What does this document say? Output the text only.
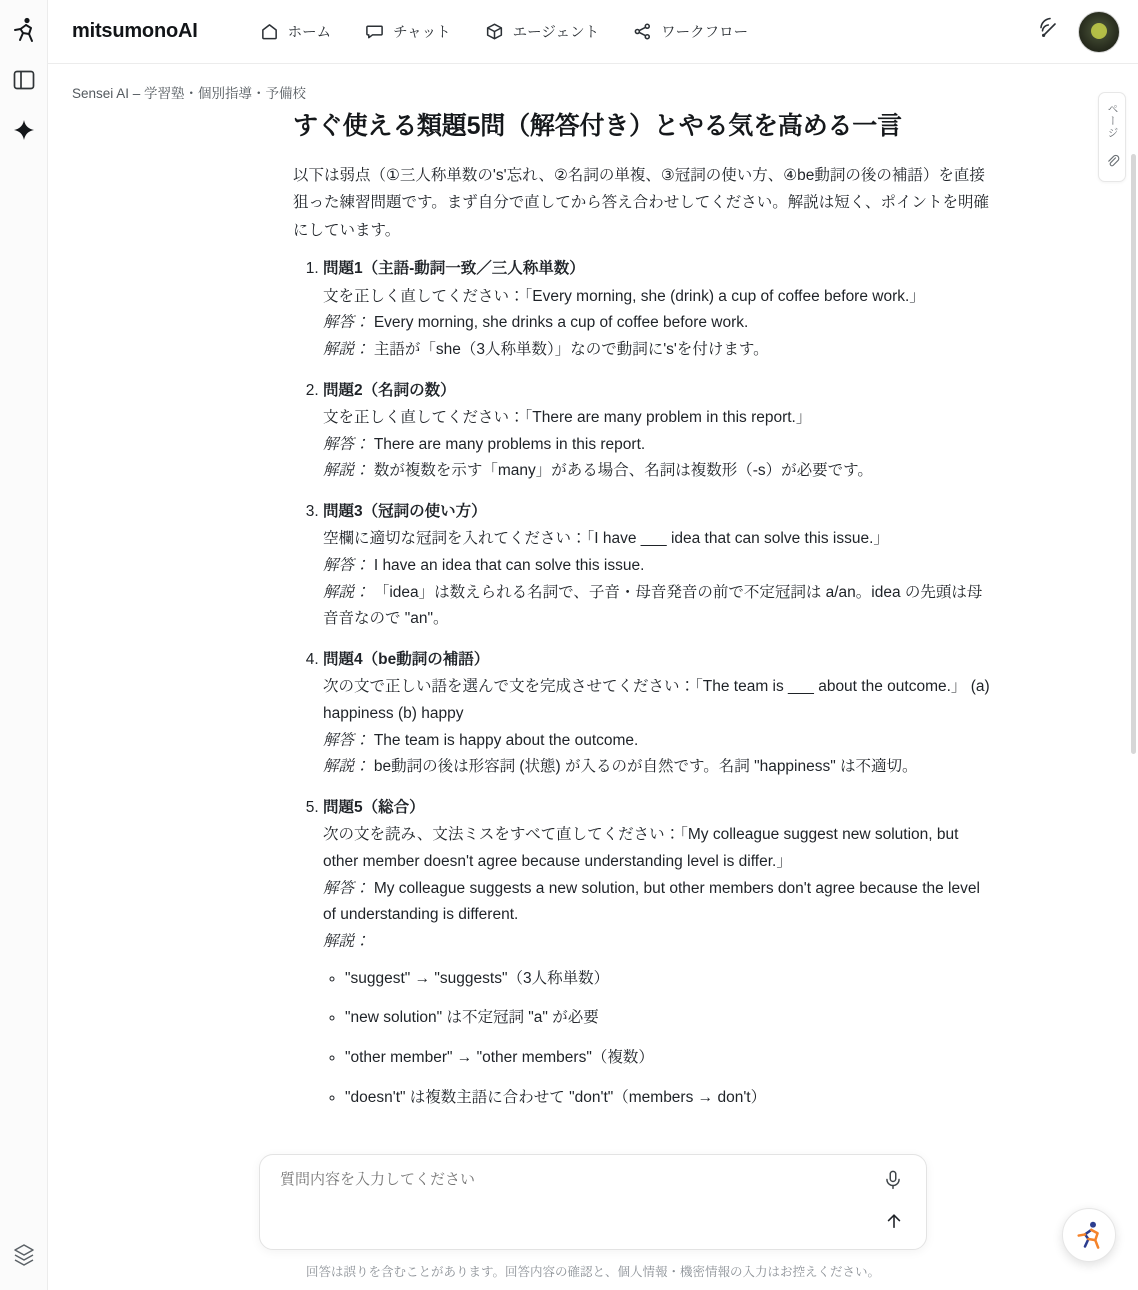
mitsumonoAI	ホーム	チャット	エージェント	ワークフロー
Sensei AI – 学習塾・個別指導・予備校
ページ
すぐ使える類題5問（解答付き）とやる気を高める一言

以下は弱点（①三人称単数の's'忘れ、②名詞の単複、③冠詞の使い方、④be動詞の後の補語）を直接狙った練習問題です。まず自分で直してから答え合わせしてください。解説は短く、ポイントを明確にしています。

1. 問題1（主語-動詞一致／三人称単数）
文を正しく直してください：「Every morning, she (drink) a cup of coffee before work.」
解答： Every morning, she drinks a cup of coffee before work.
解説： 主語が「she（3人称単数）」なので動詞に's'を付けます。
2. 問題2（名詞の数）
文を正しく直してください：「There are many problem in this report.」
解答： There are many problems in this report.
解説： 数が複数を示す「many」がある場合、名詞は複数形（-s）が必要です。
3. 問題3（冠詞の使い方）
空欄に適切な冠詞を入れてください：「I have ___ idea that can solve this issue.」
解答： I have an idea that can solve this issue.
解説： 「idea」は数えられる名詞で、子音・母音発音の前で不定冠詞は a/an。idea の先頭は母音音なので "an"。
4. 問題4（be動詞の補語）
次の文で正しい語を選んで文を完成させてください：「The team is ___ about the outcome.」 (a) happiness (b) happy
解答： The team is happy about the outcome.
解説： be動詞の後は形容詞 (状態) が入るのが自然です。名詞 "happiness" は不適切。
5. 問題5（総合）
次の文を読み、文法ミスをすべて直してください：「My colleague suggest new solution, but other member doesn't agree because understanding level is differ.」
解答： My colleague suggests a new solution, but other members don't agree because the level of understanding is different.
解説：
◦ "suggest" → "suggests"（3人称単数）
◦ "new solution" は不定冠詞 "a" が必要
◦ "other member" → "other members"（複数）
◦ "doesn't" は複数主語に合わせて "don't"（members → don't）
質問内容を入力してください
回答は誤りを含むことがあります。回答内容の確認と、個人情報・機密情報の入力はお控えください。
